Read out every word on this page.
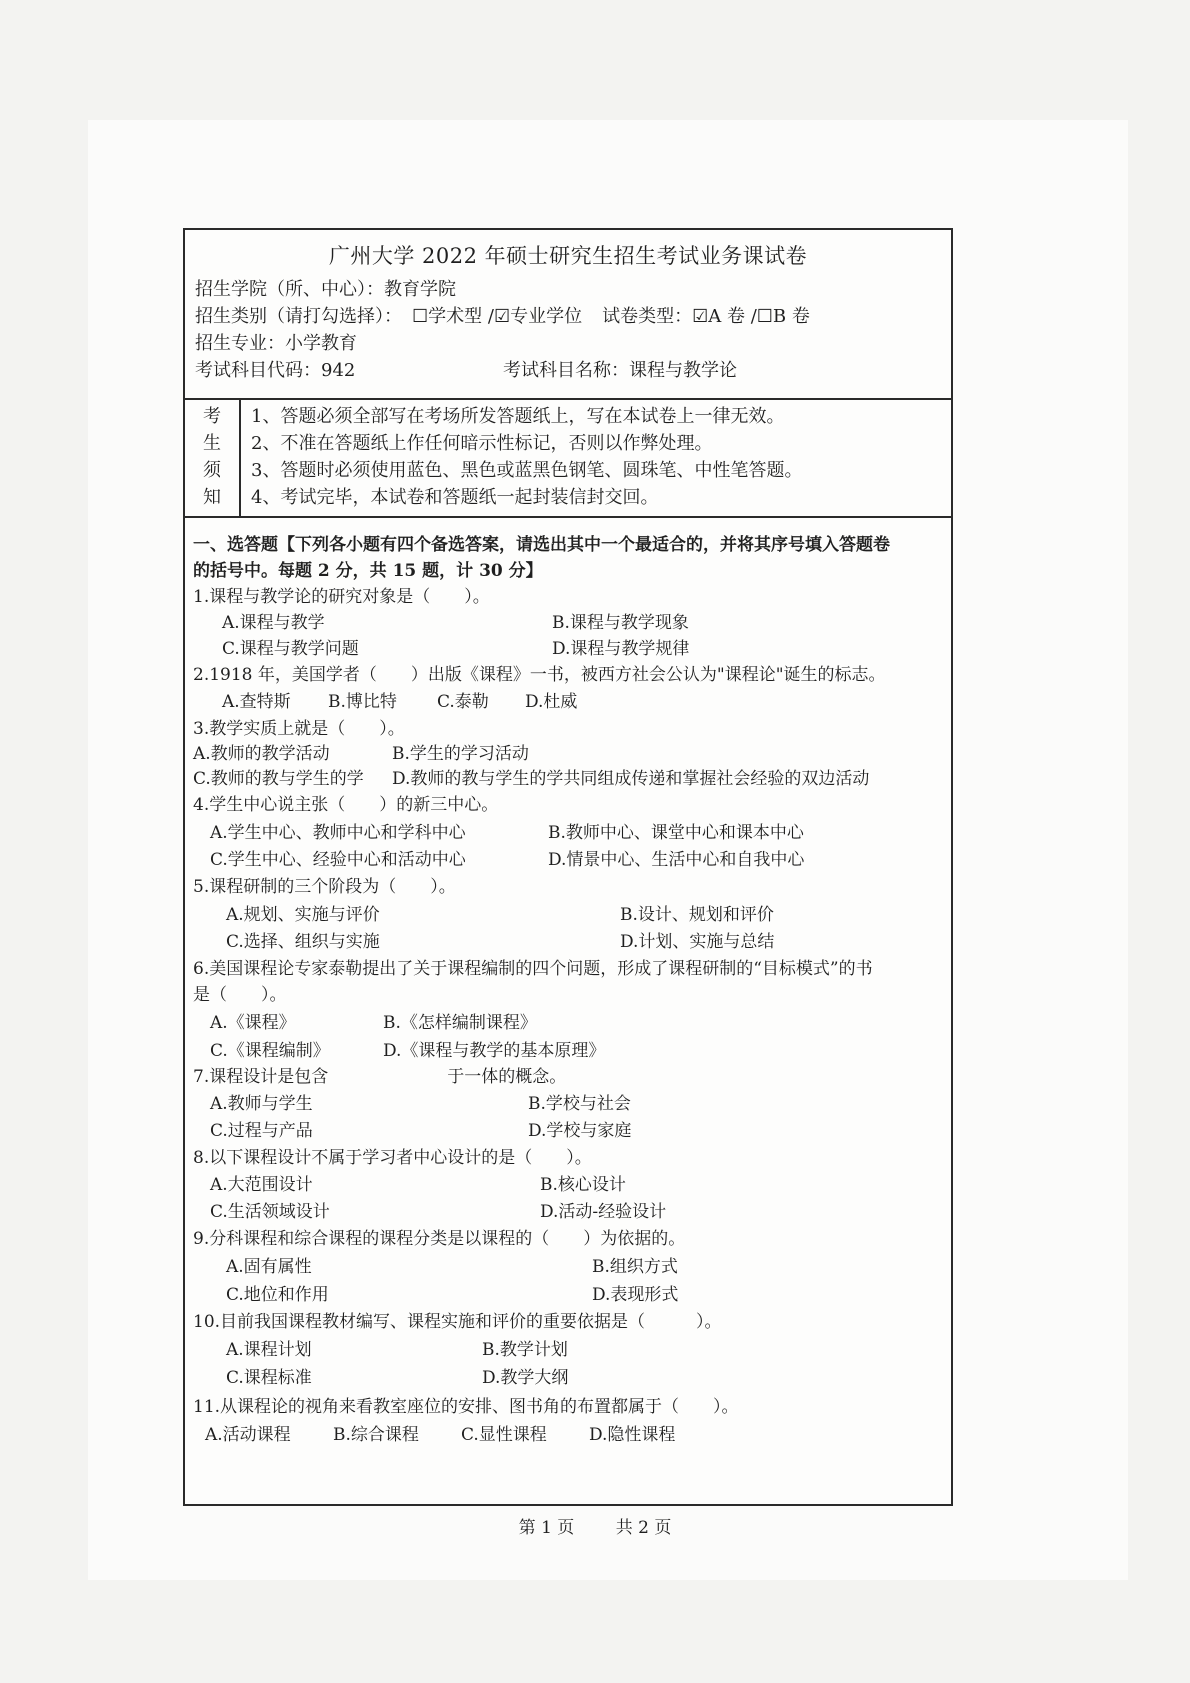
广州大学 2022 年硕士研究生招生考试业务课试卷
招生学院（所、中心）：教育学院
招生类别（请打勾选择）： ☐学术型 /☑专业学位 试卷类型：☑A 卷 /☐B 卷
招生专业：小学教育
考试科目代码：942	考试科目名称：课程与教学论
考
生
须
知
1、答题必须全部写在考场所发答题纸上，写在本试卷上一律无效。
2、不准在答题纸上作任何暗示性标记，否则以作弊处理。
3、答题时必须使用蓝色、黑色或蓝黑色钢笔、圆珠笔、中性笔答题。
4、考试完毕，本试卷和答题纸一起封装信封交回。
一、选答题【下列各小题有四个备选答案，请选出其中一个最适合的，并将其序号填入答题卷
的括号中。每题 2 分，共 15 题，计 30 分】
1.课程与教学论的研究对象是（　　）。
A.课程与教学	B.课程与教学现象
C.课程与教学问题	D.课程与教学规律
2.1918 年，美国学者（　　）出版《课程》一书，被西方社会公认为"课程论"诞生的标志。
A.查特斯 B.博比特 C.泰勒 D.杜威
3.教学实质上就是（　　）。
A.教师的教学活动	B.学生的学习活动
C.教师的教与学生的学 D.教师的教与学生的学共同组成传递和掌握社会经验的双边活动
4.学生中心说主张（　　）的新三中心。
A.学生中心、教师中心和学科中心	B.教师中心、课堂中心和课本中心
C.学生中心、经验中心和活动中心	D.情景中心、生活中心和自我中心
5.课程研制的三个阶段为（　　）。
A.规划、实施与评价	B.设计、规划和评价
C.选择、组织与实施	D.计划、实施与总结
6.美国课程论专家泰勒提出了关于课程编制的四个问题，形成了课程研制的“目标模式”的书
是（　　）。
A.《课程》	B.《怎样编制课程》
C.《课程编制》	D.《课程与教学的基本原理》
7.课程设计是包含　　　　　　　于一体的概念。
A.教师与学生	B.学校与社会
C.过程与产品	D.学校与家庭
8.以下课程设计不属于学习者中心设计的是（　　）。
A.大范围设计	B.核心设计
C.生活领域设计	D.活动-经验设计
9.分科课程和综合课程的课程分类是以课程的（　　）为依据的。
A.固有属性	B.组织方式
C.地位和作用	D.表现形式
10.目前我国课程教材编写、课程实施和评价的重要依据是（　　　）。
A.课程计划	B.教学计划
C.课程标准	D.教学大纲
11.从课程论的视角来看教室座位的安排、图书角的布置都属于（　　）。
A.活动课程 B.综合课程 C.显性课程 D.隐性课程
第 1 页 共 2 页
